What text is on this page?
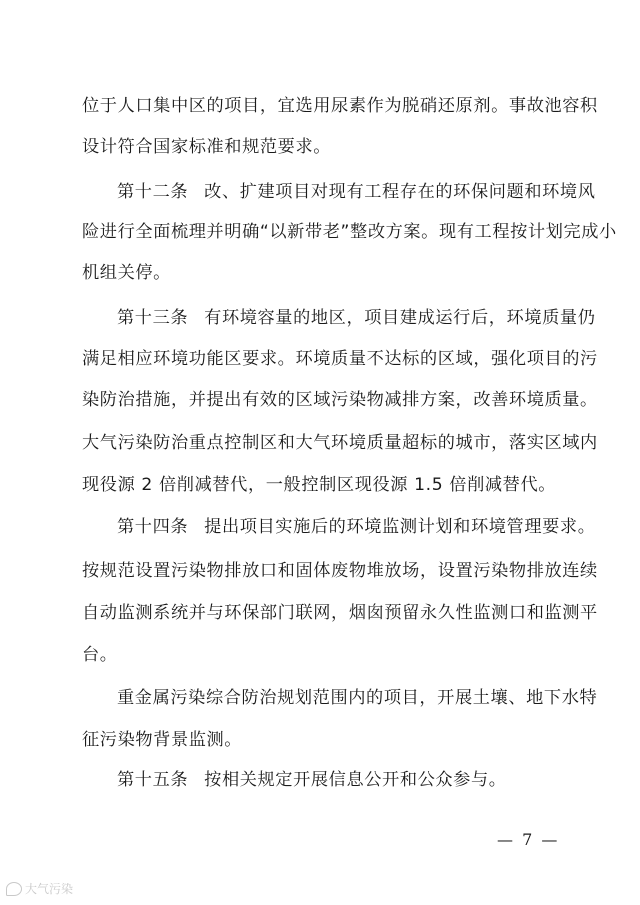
位于人口集中区的项目，宜选用尿素作为脱硝还原剂。事故池容积
设计符合国家标准和规范要求。
第十二条 改、扩建项目对现有工程存在的环保问题和环境风
险进行全面梳理并明确“以新带老”整改方案。现有工程按计划完成小
机组关停。
第十三条 有环境容量的地区，项目建成运行后，环境质量仍
满足相应环境功能区要求。环境质量不达标的区域，强化项目的污
染防治措施，并提出有效的区域污染物减排方案，改善环境质量。
大气污染防治重点控制区和大气环境质量超标的城市，落实区域内
现役源 2 倍削减替代，一般控制区现役源 1.5 倍削减替代。
第十四条 提出项目实施后的环境监测计划和环境管理要求。
按规范设置污染物排放口和固体废物堆放场，设置污染物排放连续
自动监测系统并与环保部门联网，烟囱预留永久性监测口和监测平
台。
重金属污染综合防治规划范围内的项目，开展土壤、地下水特
征污染物背景监测。
第十五条 按相关规定开展信息公开和公众参与。
— 7 —
大气污染
